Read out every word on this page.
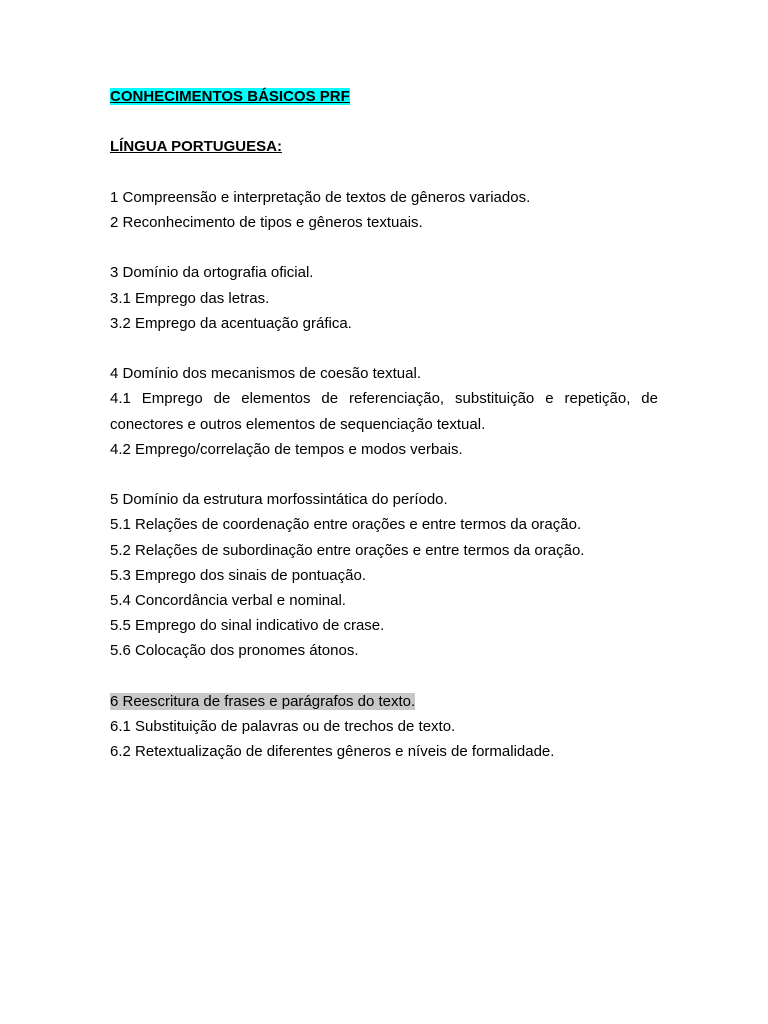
CONHECIMENTOS BÁSICOS PRF

LÍNGUA PORTUGUESA:

1 Compreensão e interpretação de textos de gêneros variados.

2 Reconhecimento de tipos e gêneros textuais.

3 Domínio da ortografia oficial.

3.1 Emprego das letras.

3.2 Emprego da acentuação gráfica.

4 Domínio dos mecanismos de coesão textual.

4.1 Emprego de elementos de referenciação, substituição e repetição, de conectores e outros elementos de sequenciação textual.

4.2 Emprego/correlação de tempos e modos verbais.

5 Domínio da estrutura morfossintática do período.

5.1 Relações de coordenação entre orações e entre termos da oração.

5.2 Relações de subordinação entre orações e entre termos da oração.

5.3 Emprego dos sinais de pontuação.

5.4 Concordância verbal e nominal.

5.5 Emprego do sinal indicativo de crase.

5.6 Colocação dos pronomes átonos.

6 Reescritura de frases e parágrafos do texto.

6.1 Substituição de palavras ou de trechos de texto.

6.2 Retextualização de diferentes gêneros e níveis de formalidade.
